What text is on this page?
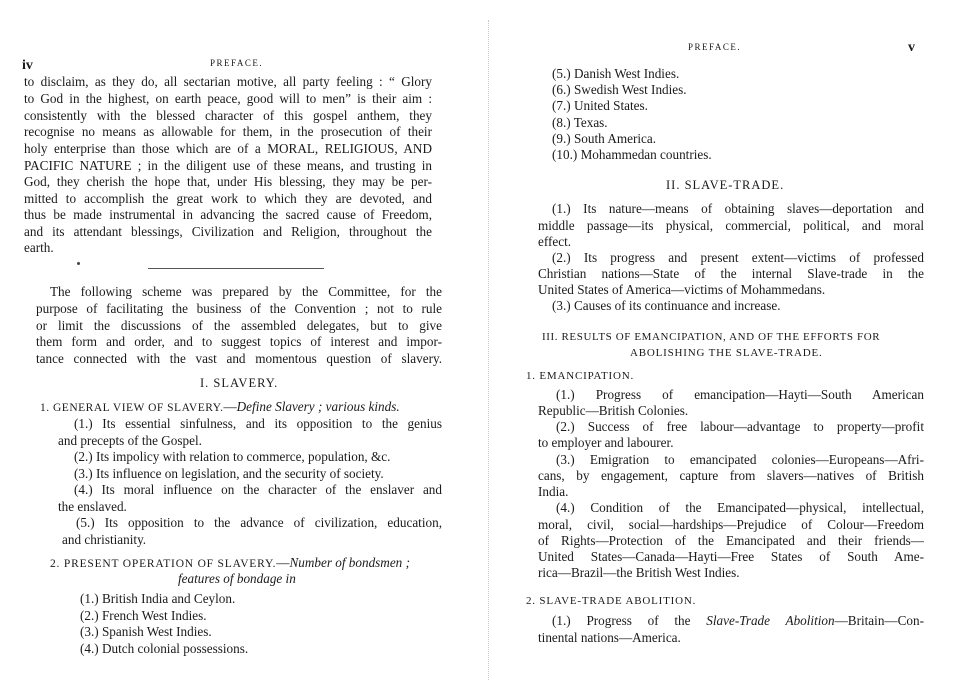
iv	PREFACE.
to disclaim, as they do, all sectarian motive, all party feeling : “ Glory
to God in the highest, on earth peace, good will to men” is their aim :
consistently with the blessed character of this gospel anthem, they
recognise no means as allowable for them, in the prosecution of their
holy enterprise than those which are of a MORAL, RELIGIOUS, AND
PACIFIC NATURE ; in the diligent use of these means, and trusting in
God, they cherish the hope that, under His blessing, they may be per-
mitted to accomplish the great work to which they are devoted, and
thus be made instrumental in advancing the sacred cause of Freedom,
and its attendant blessings, Civilization and Religion, throughout the
earth.
The following scheme was prepared by the Committee, for the
purpose of facilitating the business of the Convention ; not to rule
or limit the discussions of the assembled delegates, but to give
them form and order, and to suggest topics of interest and impor-
tance connected with the vast and momentous question of slavery.
I. SLAVERY.
1. GENERAL VIEW OF SLAVERY.—Define Slavery ; various kinds.
(1.) Its essential sinfulness, and its opposition to the genius
and precepts of the Gospel.
(2.) Its impolicy with relation to commerce, population, &c.
(3.) Its influence on legislation, and the security of society.
(4.) Its moral influence on the character of the enslaver and
the enslaved.
(5.) Its opposition to the advance of civilization, education,
and christianity.
2. PRESENT OPERATION OF SLAVERY.—Number of bondsmen ;
features of bondage in
(1.) British India and Ceylon.
(2.) French West Indies.
(3.) Spanish West Indies.
(4.) Dutch colonial possessions.
PREFACE.	v
(5.) Danish West Indies.
(6.) Swedish West Indies.
(7.) United States.
(8.) Texas.
(9.) South America.
(10.) Mohammedan countries.
II. SLAVE-TRADE.
(1.) Its nature—means of obtaining slaves—deportation and
middle passage—its physical, commercial, political, and moral
effect.
(2.) Its progress and present extent—victims of professed
Christian nations—State of the internal Slave-trade in the
United States of America—victims of Mohammedans.
(3.) Causes of its continuance and increase.
III. RESULTS OF EMANCIPATION, AND OF THE EFFORTS FOR
ABOLISHING THE SLAVE-TRADE.
1. EMANCIPATION.
(1.) Progress of emancipation—Hayti—South American
Republic—British Colonies.
(2.) Success of free labour—advantage to property—profit
to employer and labourer.
(3.) Emigration to emancipated colonies—Europeans—Afri-
cans, by engagement, capture from slavers—natives of British
India.
(4.) Condition of the Emancipated—physical, intellectual,
moral, civil, social—hardships—Prejudice of Colour—Freedom
of Rights—Protection of the Emancipated and their friends—
United States—Canada—Hayti—Free States of South Ame-
rica—Brazil—the British West Indies.
2. SLAVE-TRADE ABOLITION.
(1.) Progress of the Slave-Trade Abolition—Britain—Con-
tinental nations—America.
